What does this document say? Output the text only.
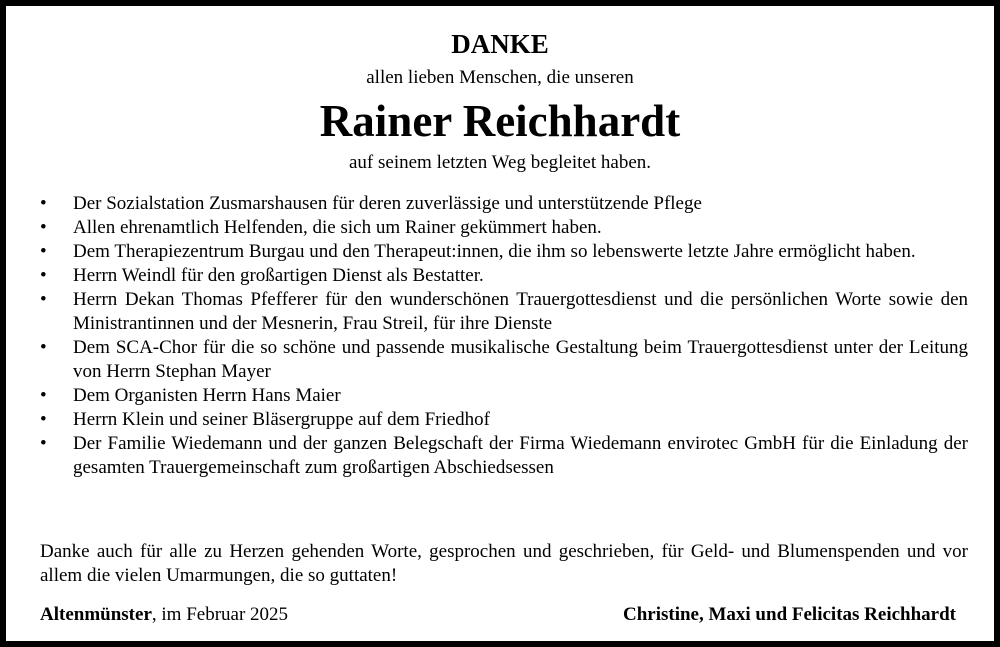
DANKE
allen lieben Menschen, die unseren
Rainer Reichhardt
auf seinem letzten Weg begleitet haben.
• Der Sozialstation Zusmarshausen für deren zuverlässige und unterstützende Pflege
• Allen ehrenamtlich Helfenden, die sich um Rainer gekümmert haben.
• Dem Therapiezentrum Burgau und den Therapeut:innen, die ihm so lebenswerte letzte Jahre ermöglicht haben.
• Herrn Weindl für den großartigen Dienst als Bestatter.
• Herrn Dekan Thomas Pfefferer für den wunderschönen Trauergottesdienst und die persönlichen Worte sowie den Ministrantinnen und der Mesnerin, Frau Streil, für ihre Dienste
• Dem SCA-Chor für die so schöne und passende musikalische Gestaltung beim Trauergottesdienst unter der Leitung von Herrn Stephan Mayer
• Dem Organisten Herrn Hans Maier
• Herrn Klein und seiner Bläsergruppe auf dem Friedhof
• Der Familie Wiedemann und der ganzen Belegschaft der Firma Wiedemann envirotec GmbH für die Einladung der gesamten Trauergemeinschaft zum großartigen Abschiedsessen

Danke auch für alle zu Herzen gehenden Worte, gesprochen und geschrieben, für Geld- und Blumenspenden und vor allem die vielen Umarmungen, die so guttaten!

Altenmünster, im Februar 2025	Christine, Maxi und Felicitas Reichhardt
